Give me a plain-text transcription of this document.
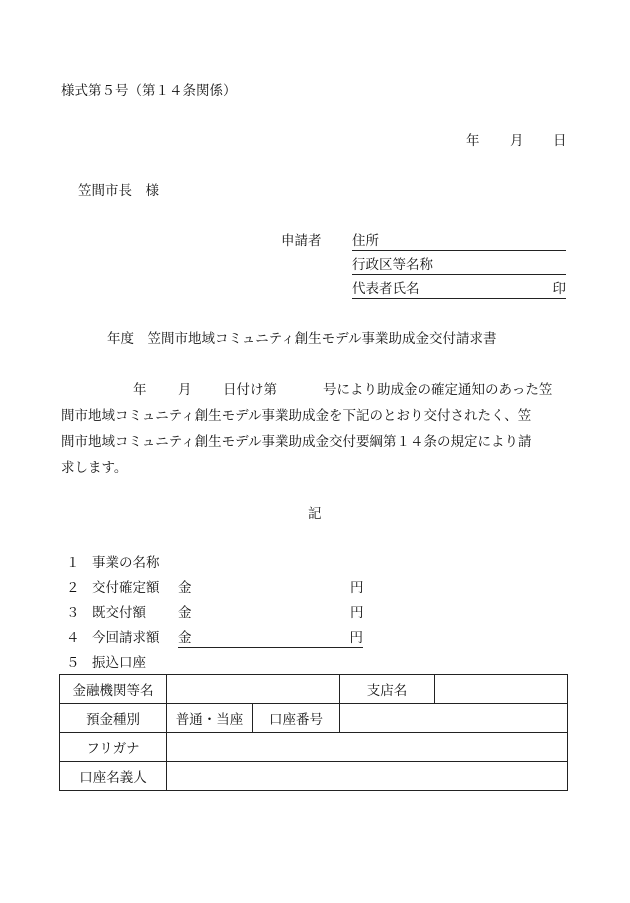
様式第５号（第１４条関係）
年 月 日
笠間市長　様
申請者 住所
行政区等名称
代表者氏名	印
年度　笠間市地域コミュニティ創生モデル事業助成金交付請求書
年 月 日付け第	号により助成金の確定通知のあった笠
間市地域コミュニティ創生モデル事業助成金を下記のとおり交付されたく、笠
間市地域コミュニティ創生モデル事業助成金交付要綱第１４条の規定により請
求します。
記
１ 事業の名称
２ 交付確定額 金	円
３ 既交付額 金	円
４ 今回請求額 金	円
５ 振込口座
金融機関等名			支店名	
預金種別	普通・当座	口座番号		
フリガナ				
口座名義人				
